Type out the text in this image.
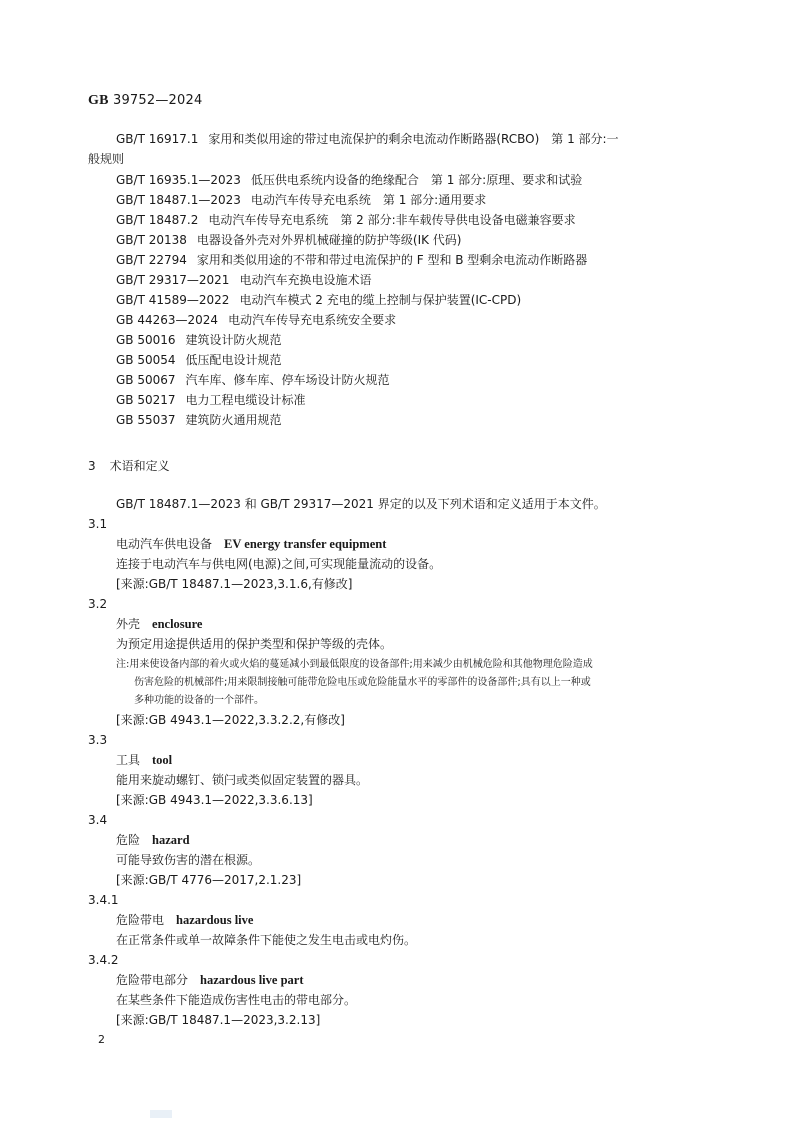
GB 39752—2024
GB/T 16917.1 家用和类似用途的带过电流保护的剩余电流动作断路器(RCBO)　第 1 部分:一
般规则
GB/T 16935.1—2023 低压供电系统内设备的绝缘配合　第 1 部分:原理、要求和试验
GB/T 18487.1—2023 电动汽车传导充电系统　第 1 部分:通用要求
GB/T 18487.2 电动汽车传导充电系统　第 2 部分:非车载传导供电设备电磁兼容要求
GB/T 20138 电器设备外壳对外界机械碰撞的防护等级(IK 代码)
GB/T 22794 家用和类似用途的不带和带过电流保护的 F 型和 B 型剩余电流动作断路器
GB/T 29317—2021 电动汽车充换电设施术语
GB/T 41589—2022 电动汽车模式 2 充电的缆上控制与保护装置(IC-CPD)
GB 44263—2024 电动汽车传导充电系统安全要求
GB 50016 建筑设计防火规范
GB 50054 低压配电设计规范
GB 50067 汽车库、修车库、停车场设计防火规范
GB 50217 电力工程电缆设计标准
GB 55037 建筑防火通用规范
3 术语和定义
GB/T 18487.1—2023 和 GB/T 29317—2021 界定的以及下列术语和定义适用于本文件。
3.1
电动汽车供电设备 EV energy transfer equipment
连接于电动汽车与供电网(电源)之间,可实现能量流动的设备。
[来源:GB/T 18487.1—2023,3.1.6,有修改]
3.2
外壳 enclosure
为预定用途提供适用的保护类型和保护等级的壳体。
注:用来使设备内部的着火或火焰的蔓延减小到最低限度的设备部件;用来减少由机械危险和其他物理危险造成
伤害危险的机械部件;用来限制接触可能带危险电压或危险能量水平的零部件的设备部件;具有以上一种或
多种功能的设备的一个部件。
[来源:GB 4943.1—2022,3.3.2.2,有修改]
3.3
工具 tool
能用来旋动螺钉、锁闩或类似固定装置的器具。
[来源:GB 4943.1—2022,3.3.6.13]
3.4
危险 hazard
可能导致伤害的潜在根源。
[来源:GB/T 4776—2017,2.1.23]
3.4.1
危险带电 hazardous live
在正常条件或单一故障条件下能使之发生电击或电灼伤。
3.4.2
危险带电部分 hazardous live part
在某些条件下能造成伤害性电击的带电部分。
[来源:GB/T 18487.1—2023,3.2.13]
2
